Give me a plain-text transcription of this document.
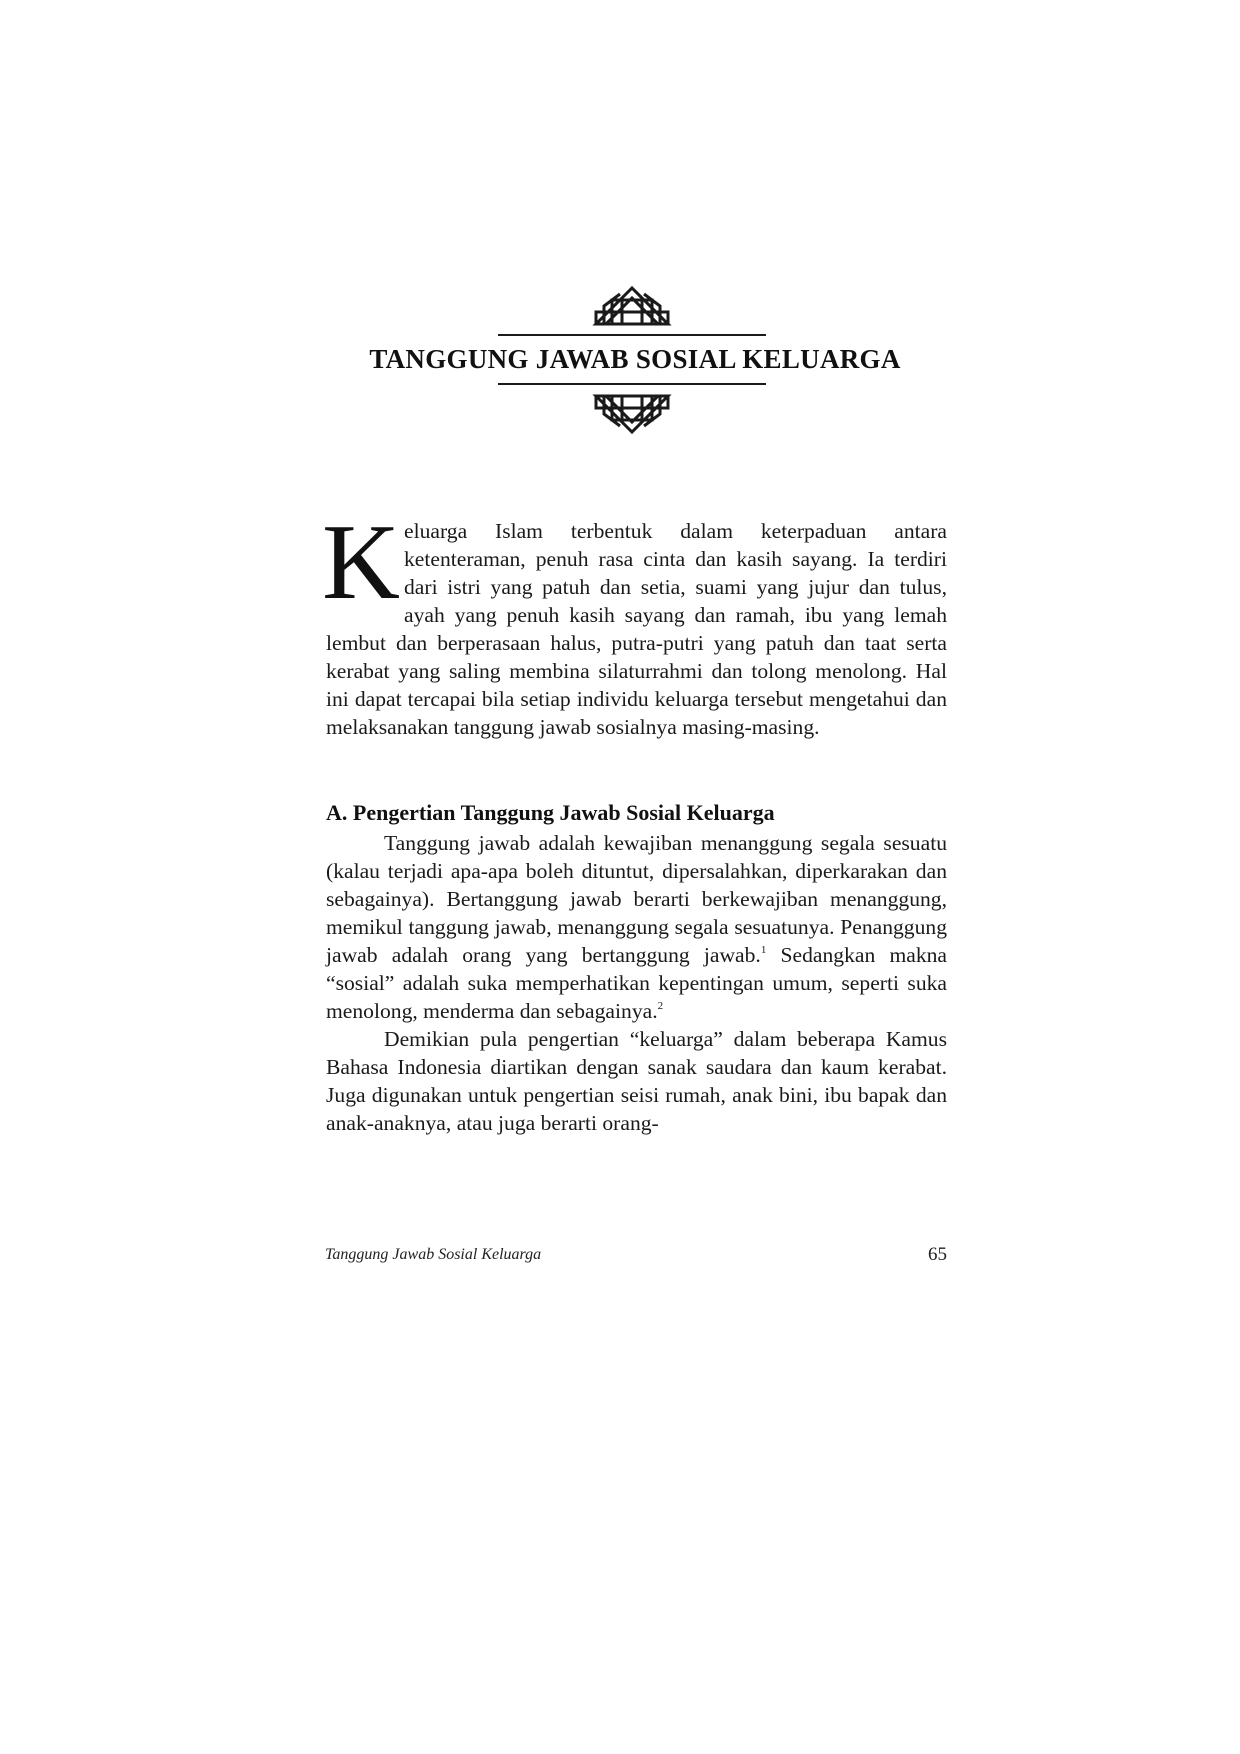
TANGGUNG JAWAB SOSIAL KELUARGA

Keluarga Islam terbentuk dalam keterpaduan antara ketenteraman, penuh rasa cinta dan kasih sayang. Ia terdiri dari istri yang patuh dan setia, suami yang jujur dan tulus, ayah yang penuh kasih sayang dan ramah, ibu yang lemah lembut dan berperasaan halus, putra-putri yang patuh dan taat serta kerabat yang saling membina silaturrahmi dan tolong menolong. Hal ini dapat tercapai bila setiap individu keluarga tersebut mengetahui dan melaksanakan tanggung jawab sosialnya masing-masing.

A. Pengertian Tanggung Jawab Sosial Keluarga

Tanggung jawab adalah kewajiban menanggung segala sesuatu (kalau terjadi apa-apa boleh dituntut, dipersalahkan, diperkarakan dan sebagainya). Bertanggung jawab berarti berkewajiban menanggung, memikul tanggung jawab, menanggung segala sesuatunya. Penanggung jawab adalah orang yang bertanggung jawab.$^1$ Sedangkan makna “sosial” adalah suka memperhatikan kepentingan umum, seperti suka menolong, menderma dan sebagainya.$^2$

Demikian pula pengertian “keluarga” dalam beberapa Kamus Bahasa Indonesia diartikan dengan sanak saudara dan kaum kerabat. Juga digunakan untuk pengertian seisi rumah, anak bini, ibu bapak dan anak-anaknya, atau juga berarti orang-

Tanggung Jawab Sosial Keluarga	65
